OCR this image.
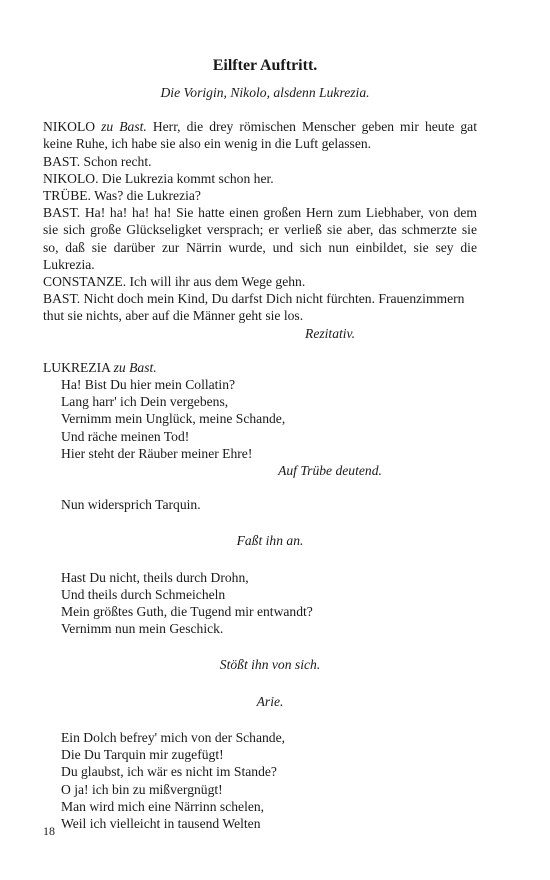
Eilfter Auftritt.
Die Vorigin, Nikolo, alsdenn Lukrezia.

NIKOLO zu Bast. Herr, die drey römischen Menscher geben mir heute gat keine Ruhe, ich habe sie also ein wenig in die Luft gelassen.

BAST. Schon recht.

NIKOLO. Die Lukrezia kommt schon her.

TRÜBE. Was? die Lukrezia?

BAST. Ha! ha! ha! ha! Sie hatte einen großen Hern zum Liebhaber, von dem sie sich große Glückseligket versprach; er verließ sie aber, das schmerzte sie so, daß sie darüber zur Närrin wurde, und sich nun einbildet, sie sey die Lukrezia.

CONSTANZE. Ich will ihr aus dem Wege gehn.

BAST. Nicht doch mein Kind, Du darfst Dich nicht fürchten. Frauenzimmern thut sie nichts, aber auf die Männer geht sie los.

Rezitativ.

LUKREZIA zu Bast.

Ha! Bist Du hier mein Collatin?

Lang harr' ich Dein vergebens,

Vernimm mein Unglück, meine Schande,

Und räche meinen Tod!

Hier steht der Räuber meiner Ehre!

Auf Trübe deutend.

Nun widersprich Tarquin.

Faßt ihn an.

Hast Du nicht, theils durch Drohn,

Und theils durch Schmeicheln

Mein größtes Guth, die Tugend mir entwandt?

Vernimm nun mein Geschick.

Stößt ihn von sich.

Arie.

Ein Dolch befrey' mich von der Schande,

Die Du Tarquin mir zugefügt!

Du glaubst, ich wär es nicht im Stande?

O ja! ich bin zu mißvergnügt!

Man wird mich eine Närrinn schelen,

Weil ich vielleicht in tausend Welten

18
